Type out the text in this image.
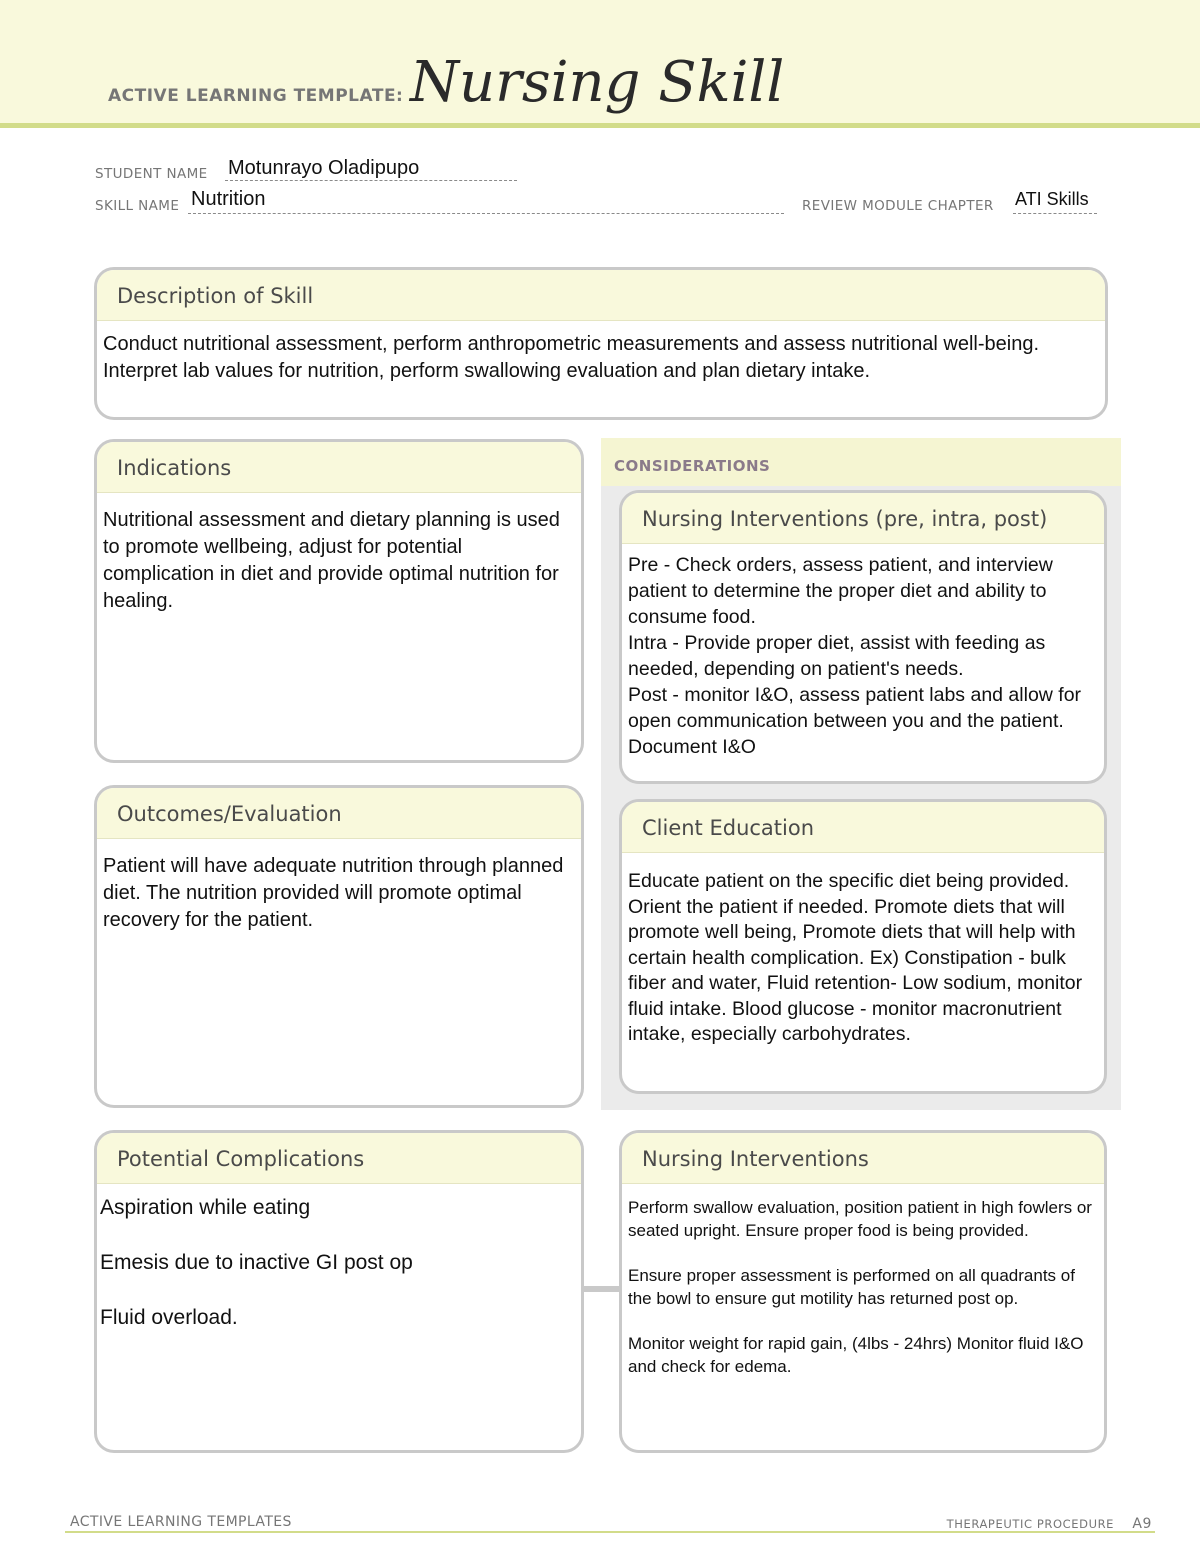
ACTIVE LEARNING TEMPLATE: Nursing Skill
STUDENT NAME Motunrayo Oladipupo
SKILL NAME Nutrition	REVIEW MODULE CHAPTER ATI Skills
Description of Skill
Conduct nutritional assessment, perform anthropometric measurements and assess nutritional well-being. Interpret lab values for nutrition, perform swallowing evaluation and plan dietary intake.
Indications
Nutritional assessment and dietary planning is used to promote wellbeing, adjust for potential complication in diet and provide optimal nutrition for healing.
Outcomes/Evaluation
Patient will have adequate nutrition through planned diet. The nutrition provided will promote optimal recovery for the patient.
CONSIDERATIONS
Nursing Interventions (pre, intra, post)
Pre - Check orders, assess patient, and interview patient to determine the proper diet and ability to consume food.
Intra - Provide proper diet, assist with feeding as needed, depending on patient's needs.
Post - monitor I&O, assess patient labs and allow for open communication between you and the patient. Document I&O
Client Education
Educate patient on the specific diet being provided. Orient the patient if needed. Promote diets that will promote well being, Promote diets that will help with certain health complication. Ex) Constipation - bulk fiber and water, Fluid retention- Low sodium, monitor fluid intake. Blood glucose - monitor macronutrient intake, especially carbohydrates.
Potential Complications
Aspiration while eating
Emesis due to inactive GI post op
Fluid overload.
Nursing Interventions
Perform swallow evaluation, position patient in high fowlers or seated upright. Ensure proper food is being provided.
Ensure proper assessment is performed on all quadrants of the bowl to ensure gut motility has returned post op.
Monitor weight for rapid gain, (4lbs - 24hrs) Monitor fluid I&O and check for edema.
ACTIVE LEARNING TEMPLATES	THERAPEUTIC PROCEDURE A9
